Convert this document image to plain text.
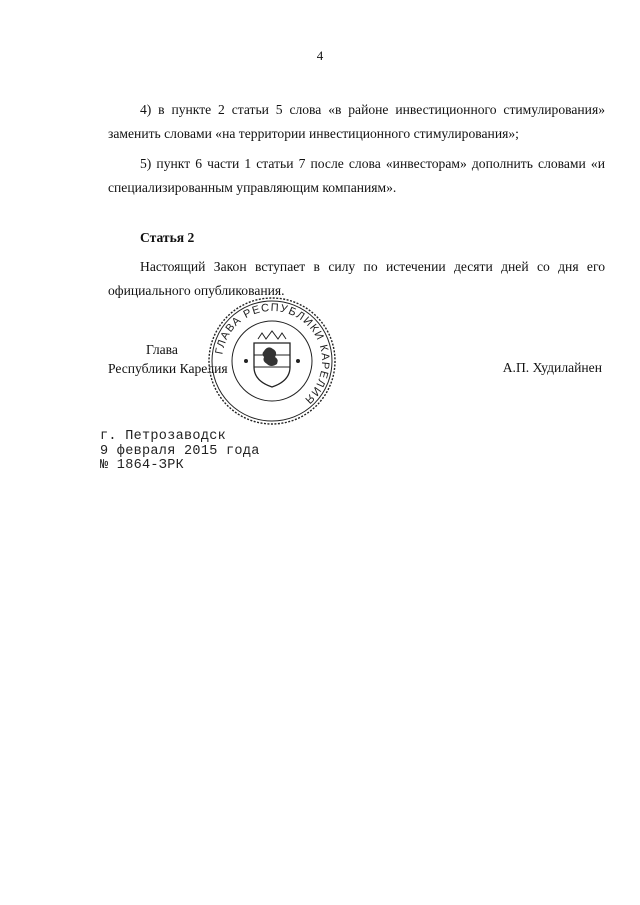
4

4) в пункте 2 статьи 5 слова «в районе инвестиционного стимулирования» заменить словами «на территории инвестиционного стимулирования»;

5) пункт 6 части 1 статьи 7 после слова «инвесторам» дополнить словами «и специализированным управляющим компаниям».

Статья 2

Настоящий Закон вступает в силу по истечении десяти дней со дня его официального опубликования.

Глава
Республики Карелия	А.П. Худилайнен
ГЛАВА РЕСПУБЛИКИ КАРЕЛИЯ
г. Петрозаводск
9 февраля 2015 года
№ 1864-ЗРК
